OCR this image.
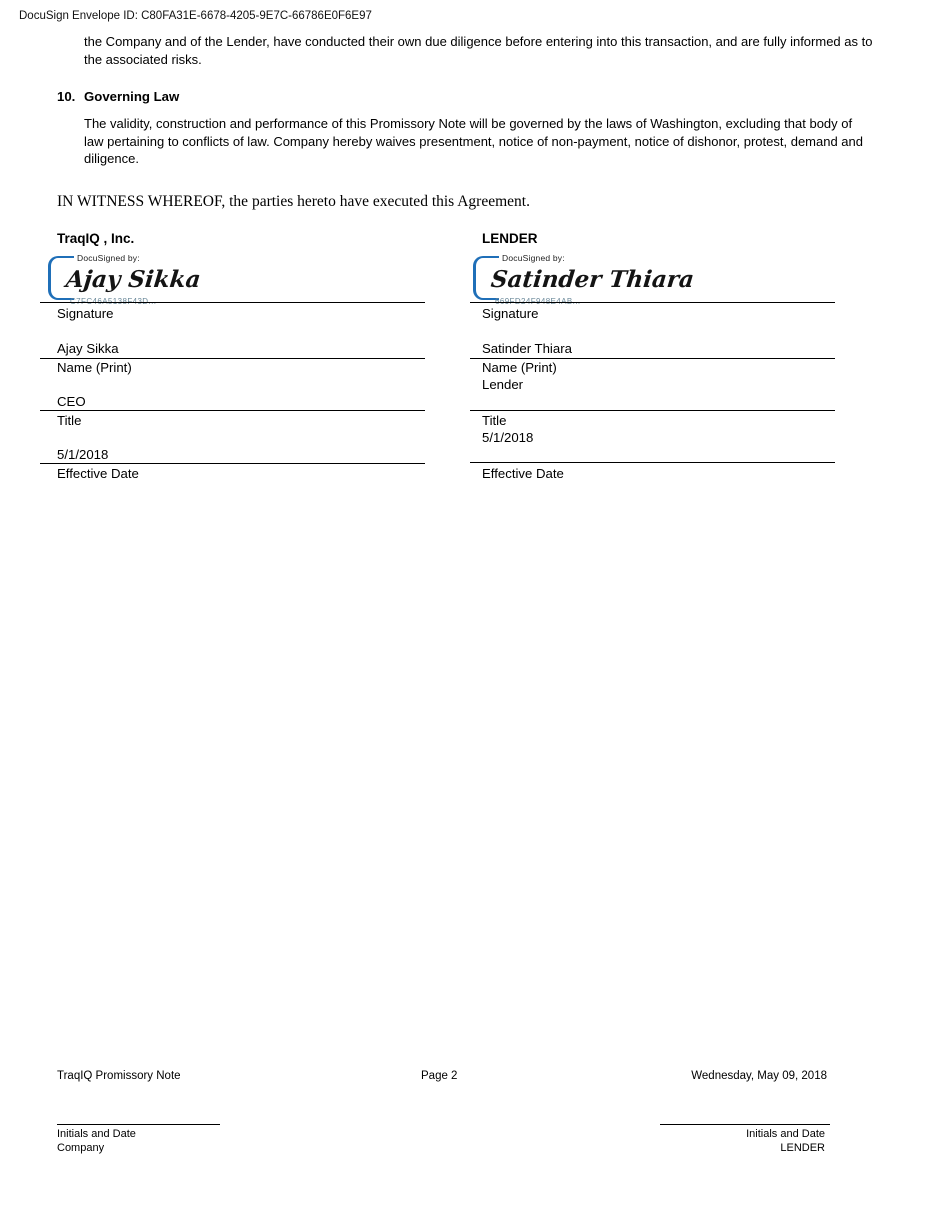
DocuSign Envelope ID: C80FA31E-6678-4205-9E7C-66786E0F6E97
the Company and of the Lender, have conducted their own due diligence before entering into this transaction, and are fully informed as to the associated risks.
10. Governing Law
The validity, construction and performance of this Promissory Note will be governed by the laws of Washington, excluding that body of law pertaining to conflicts of law. Company hereby waives presentment, notice of non-payment, notice of dishonor, protest, demand and diligence.
IN WITNESS WHEREOF, the parties hereto have executed this Agreement.
TraqIQ , Inc.
DocuSigned by:
Ajay Sikka
C7FC46A5138F43D...
Signature
Ajay Sikka
Name (Print)
CEO
Title
5/1/2018
Effective Date
LENDER
DocuSigned by:
Satinder Thiara
669FD24F948E4AB...
Signature
Satinder Thiara
Name (Print)
Lender
Title
5/1/2018
Effective Date
TraqIQ Promissory Note	Page 2	Wednesday, May 09, 2018
Initials and Date
Company
Initials and Date
LENDER
